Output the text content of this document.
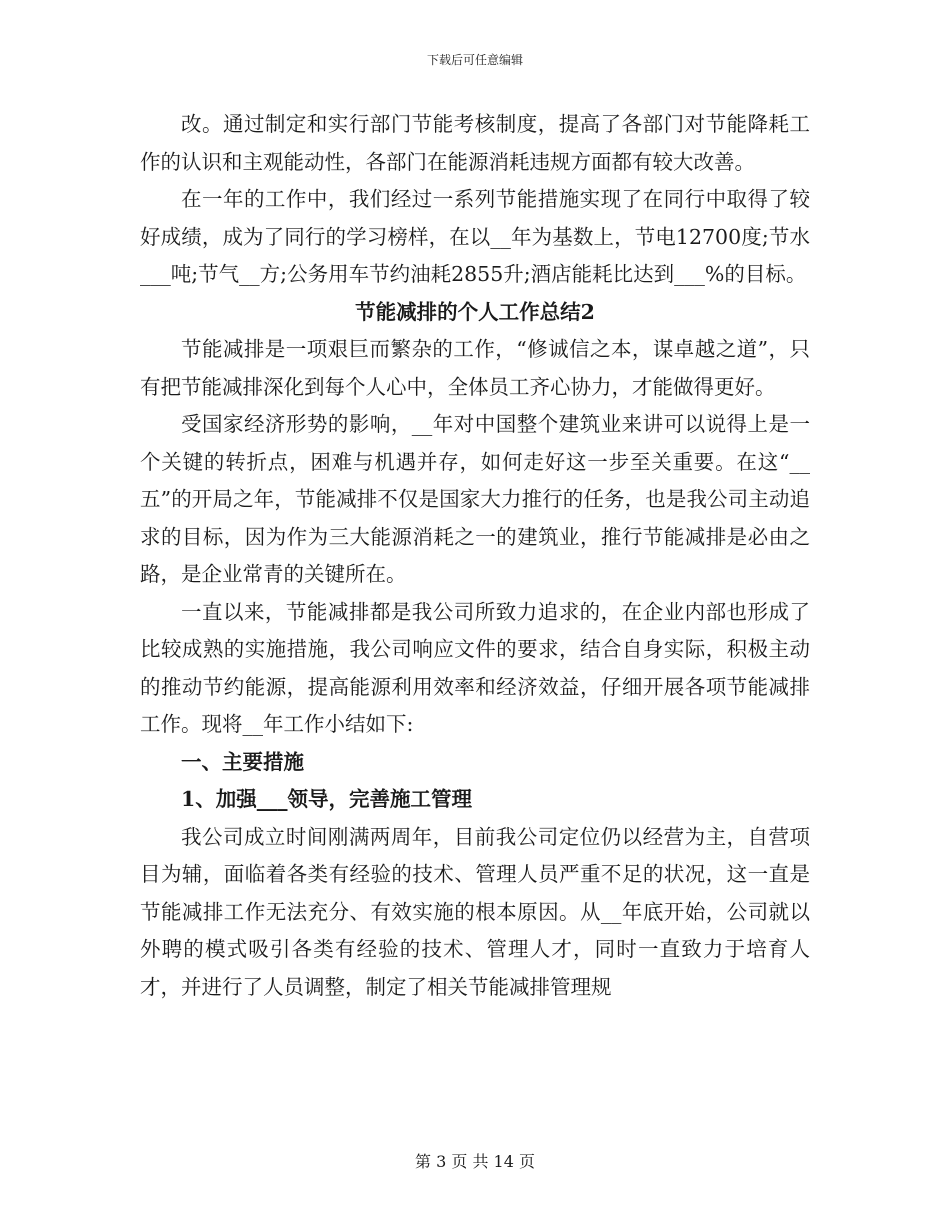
下载后可任意编辑

改。通过制定和实行部门节能考核制度，提高了各部门对节能降耗工作的认识和主观能动性，各部门在能源消耗违规方面都有较大改善。

在一年的工作中，我们经过一系列节能措施实现了在同行中取得了较好成绩，成为了同行的学习榜样，在以__年为基数上，节电12700度;节水___吨;节气__方;公务用车节约油耗2855升;酒店能耗比达到___%的目标。

节能减排的个人工作总结2

节能减排是一项艰巨而繁杂的工作，“修诚信之本，谋卓越之道”，只有把节能减排深化到每个人心中，全体员工齐心协力，才能做得更好。

受国家经济形势的影响，__年对中国整个建筑业来讲可以说得上是一个关键的转折点，困难与机遇并存，如何走好这一步至关重要。在这“__五”的开局之年，节能减排不仅是国家大力推行的任务，也是我公司主动追求的目标，因为作为三大能源消耗之一的建筑业，推行节能减排是必由之路，是企业常青的关键所在。

一直以来，节能减排都是我公司所致力追求的，在企业内部也形成了比较成熟的实施措施，我公司响应文件的要求，结合自身实际，积极主动的推动节约能源，提高能源利用效率和经济效益，仔细开展各项节能减排工作。现将__年工作小结如下:

一、主要措施

1、加强___领导，完善施工管理

我公司成立时间刚满两周年，目前我公司定位仍以经营为主，自营项目为辅，面临着各类有经验的技术、管理人员严重不足的状况，这一直是节能减排工作无法充分、有效实施的根本原因。从__年底开始，公司就以外聘的模式吸引各类有经验的技术、管理人才，同时一直致力于培育人才，并进行了人员调整，制定了相关节能减排管理规

第 3 页 共 14 页
